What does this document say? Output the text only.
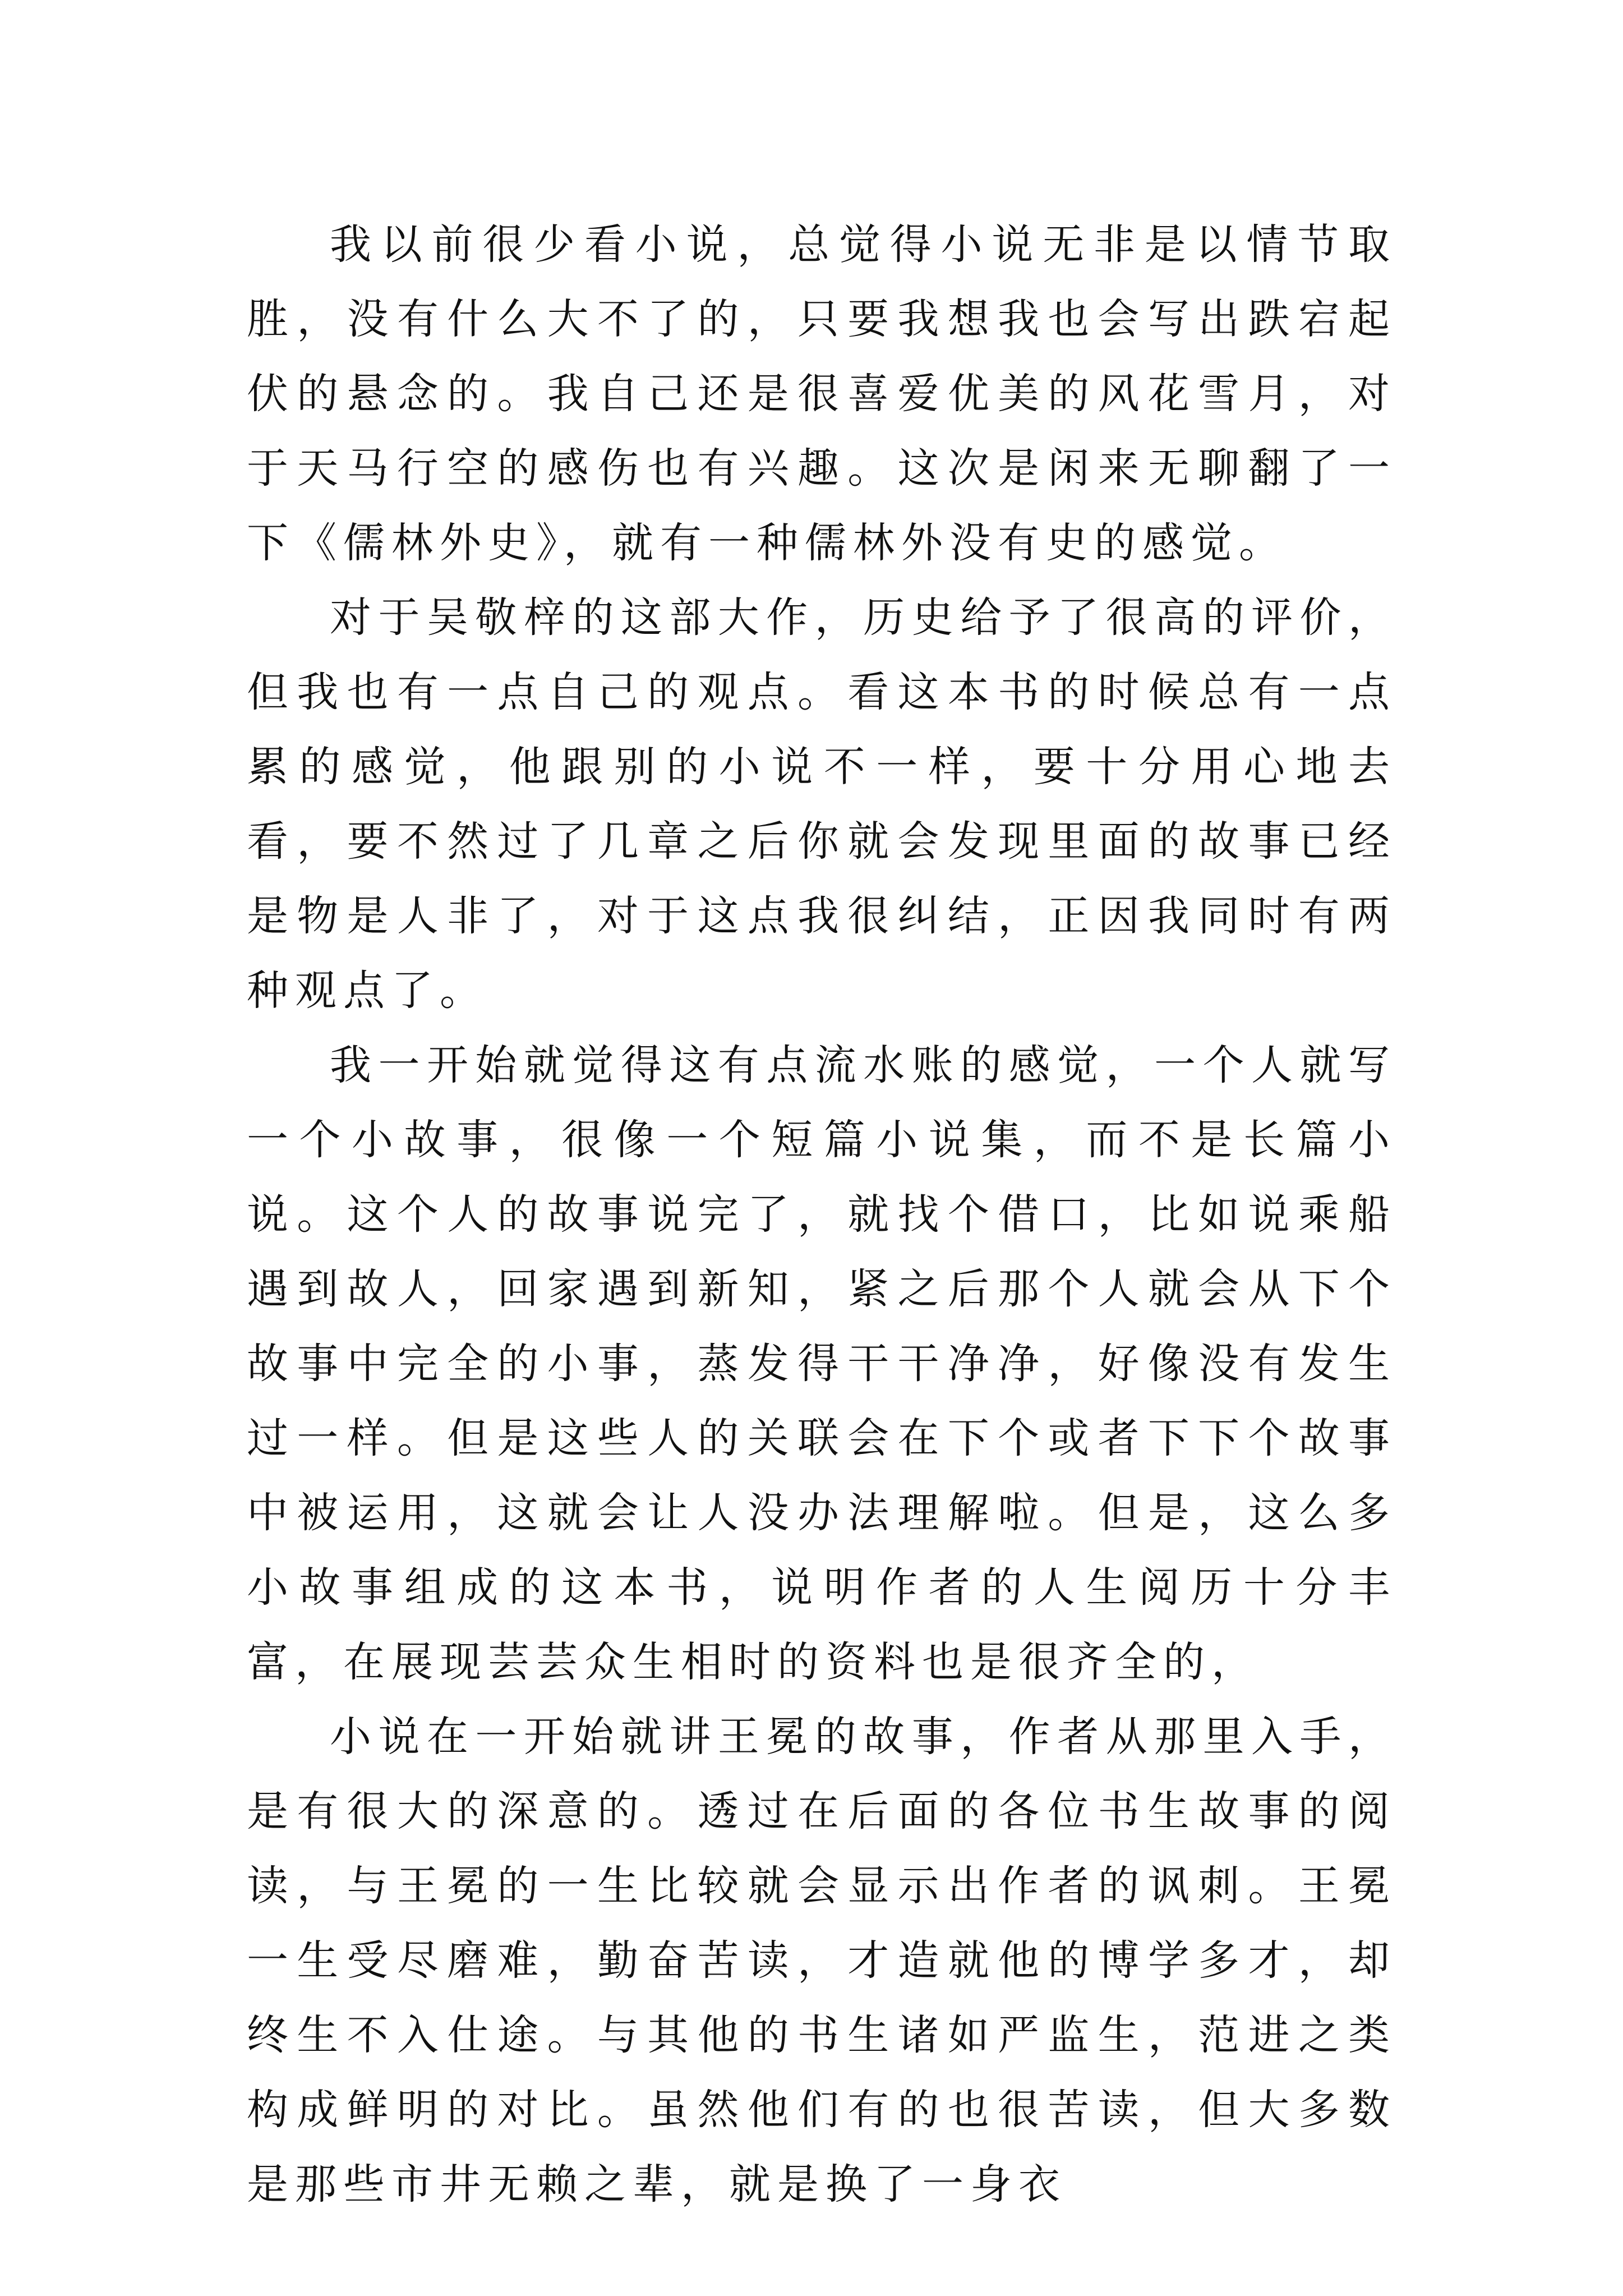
我以前很少看小说，总觉得小说无非是以情节取胜，没有什么大不了的，只要我想我也会写出跌宕起伏的悬念的。我自己还是很喜爱优美的风花雪月，对于天马行空的感伤也有兴趣。这次是闲来无聊翻了一下《儒林外史》，就有一种儒林外没有史的感觉。

对于吴敬梓的这部大作，历史给予了很高的评价，但我也有一点自己的观点。看这本书的时候总有一点累的感觉，他跟别的小说不一样，要十分用心地去看，要不然过了几章之后你就会发现里面的故事已经是物是人非了，对于这点我很纠结，正因我同时有两种观点了。

我一开始就觉得这有点流水账的感觉，一个人就写一个小故事，很像一个短篇小说集，而不是长篇小说。这个人的故事说完了，就找个借口，比如说乘船遇到故人，回家遇到新知，紧之后那个人就会从下个故事中完全的小事，蒸发得干干净净，好像没有发生过一样。但是这些人的关联会在下个或者下下个故事中被运用，这就会让人没办法理解啦。但是，这么多小故事组成的这本书，说明作者的人生阅历十分丰富，在展现芸芸众生相时的资料也是很齐全的，

小说在一开始就讲王冕的故事，作者从那里入手，是有很大的深意的。透过在后面的各位书生故事的阅读，与王冕的一生比较就会显示出作者的讽刺。王冕一生受尽磨难，勤奋苦读，才造就他的博学多才，却终生不入仕途。与其他的书生诸如严监生，范进之类构成鲜明的对比。虽然他们有的也很苦读，但大多数是那些市井无赖之辈，就是换了一身衣
